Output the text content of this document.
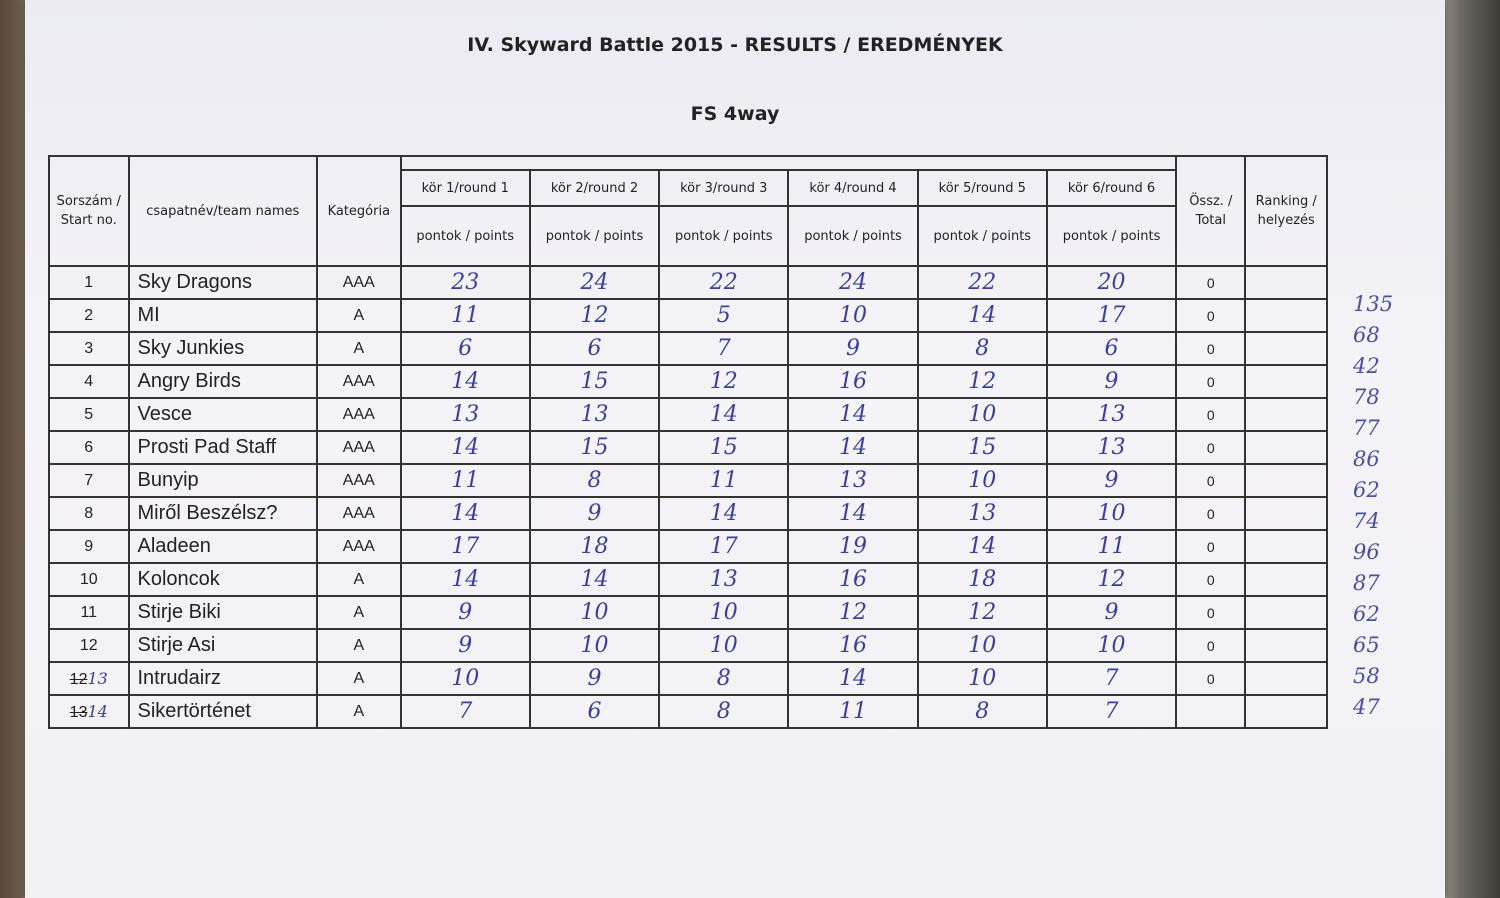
IV. Skyward Battle 2015 - RESULTS / EREDMÉNYEK
FS 4way
Sorszám / Start no.	csapatnév/team names	Kategória							Össz. / Total	Ranking / helyezés
			kör 1/round 1	kör 2/round 2	kör 3/round 3	kör 4/round 4	kör 5/round 5	kör 6/round 6		
			pontok / points	pontok / points	pontok / points	pontok / points	pontok / points	pontok / points		
1	Sky Dragons	AAA	23	24	22	24	22	20	0	
2	MI	A	11	12	5	10	14	17	0	
3	Sky Junkies	A	6	6	7	9	8	6	0	
4	Angry Birds	AAA	14	15	12	16	12	9	0	
5	Vesce	AAA	13	13	14	14	10	13	0	
6	Prosti Pad Staff	AAA	14	15	15	14	15	13	0	
7	Bunyip	AAA	11	8	11	13	10	9	0	
8	Miről Beszélsz?	AAA	14	9	14	14	13	10	0	
9	Aladeen	AAA	17	18	17	19	14	11	0	
10	Koloncok	A	14	14	13	16	18	12	0	
11	Stirje Biki	A	9	10	10	12	12	9	0	
12	Stirje Asi	A	9	10	10	16	10	10	0	
1213	Intrudairz	A	10	9	8	14	10	7	0	
1314	Sikertörténet	A	7	6	8	11	8	7		
135
68
42
78
77
86
62
74
96
87
62
65
58
47
